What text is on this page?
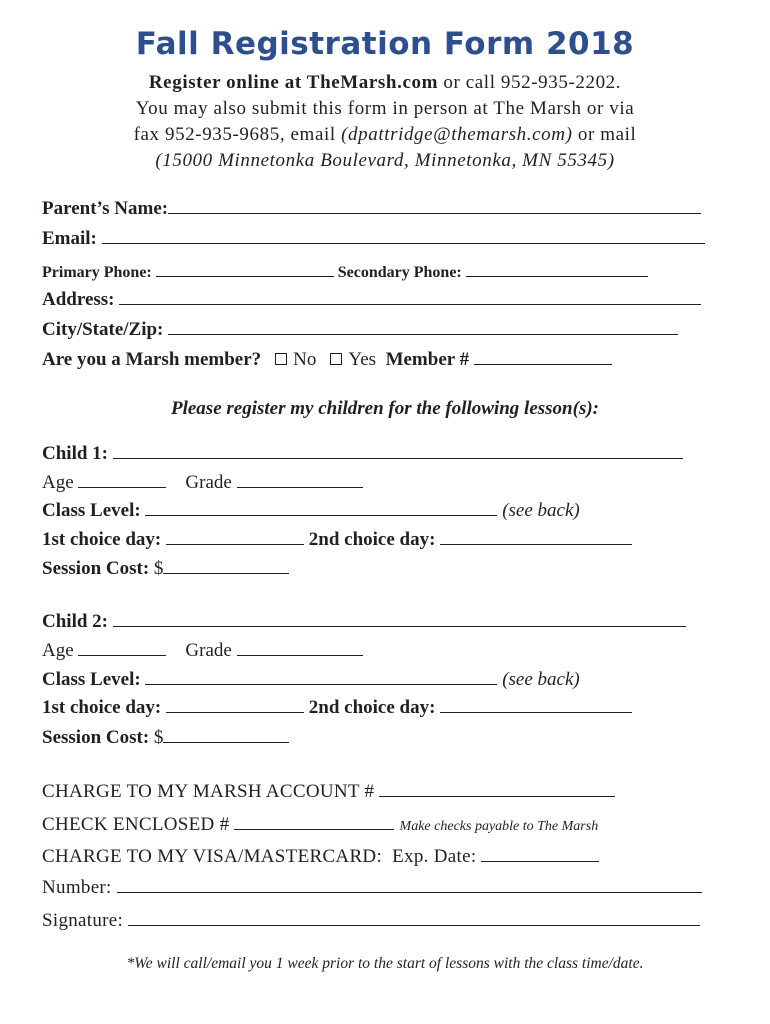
Fall Registration Form 2018
Register online at TheMarsh.com or call 952-935-2202.
You may also submit this form in person at The Marsh or via
fax 952-935-9685, email (dpattridge@themarsh.com) or mail
(15000 Minnetonka Boulevard, Minnetonka, MN 55345)
Parent’s Name:
Email:
Primary Phone:	Secondary Phone:
Address:
City/State/Zip:
Are you a Marsh member? No Yes Member #
Please register my children for the following lesson(s):
Child 1:
Age	Grade
Class Level:	(see back)
1st choice day:	2nd choice day:
Session Cost: $
Child 2:
Age	Grade
Class Level:	(see back)
1st choice day:	2nd choice day:
Session Cost: $
CHARGE TO MY MARSH ACCOUNT #
CHECK ENCLOSED #	Make checks payable to The Marsh
CHARGE TO MY VISA/MASTERCARD: Exp. Date:
Number:
Signature:
*We will call/email you 1 week prior to the start of lessons with the class time/date.
